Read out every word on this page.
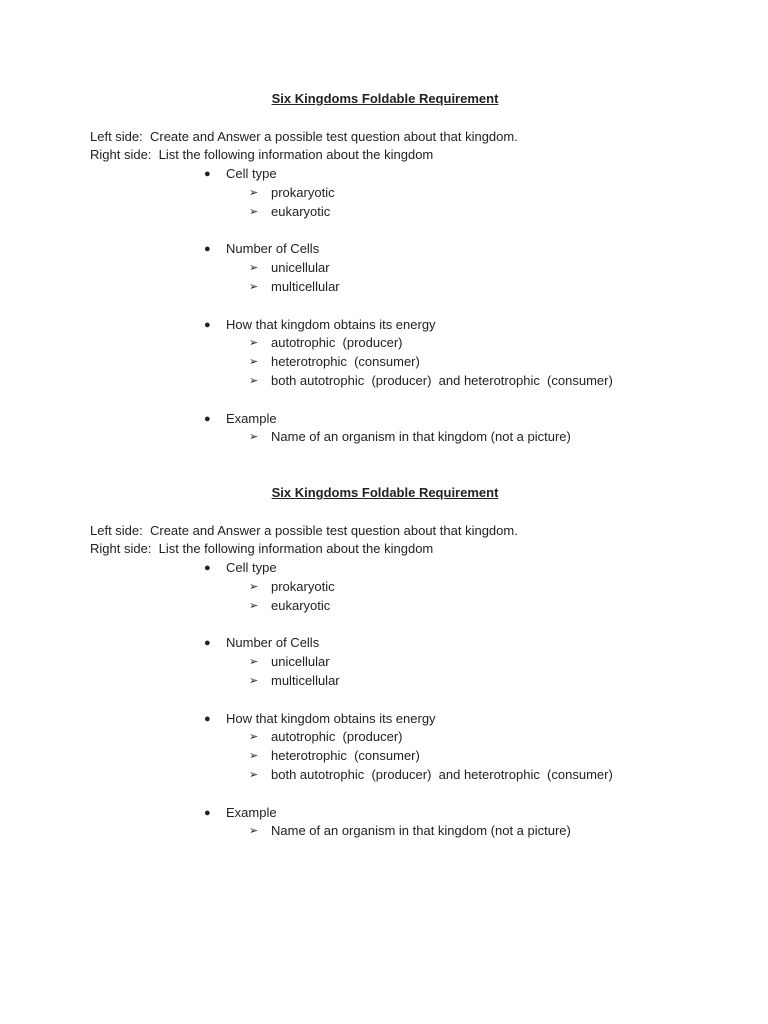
Six Kingdoms Foldable Requirement
Left side:  Create and Answer a possible test question about that kingdom.
Right side:  List the following information about the kingdom

●

Cell type

➢

prokaryotic

➢

eukaryotic

●

Number of Cells

➢

unicellular

➢

multicellular

●

How that kingdom obtains its energy

➢

autotrophic  (producer)

➢

heterotrophic  (consumer)

➢

both autotrophic  (producer)  and heterotrophic  (consumer)

●

Example

➢

Name of an organism in that kingdom (not a picture)

Six Kingdoms Foldable Requirement
Left side:  Create and Answer a possible test question about that kingdom.
Right side:  List the following information about the kingdom

●

Cell type

➢

prokaryotic

➢

eukaryotic

●

Number of Cells

➢

unicellular

➢

multicellular

●

How that kingdom obtains its energy

➢

autotrophic  (producer)

➢

heterotrophic  (consumer)

➢

both autotrophic  (producer)  and heterotrophic  (consumer)

●

Example

➢

Name of an organism in that kingdom (not a picture)
